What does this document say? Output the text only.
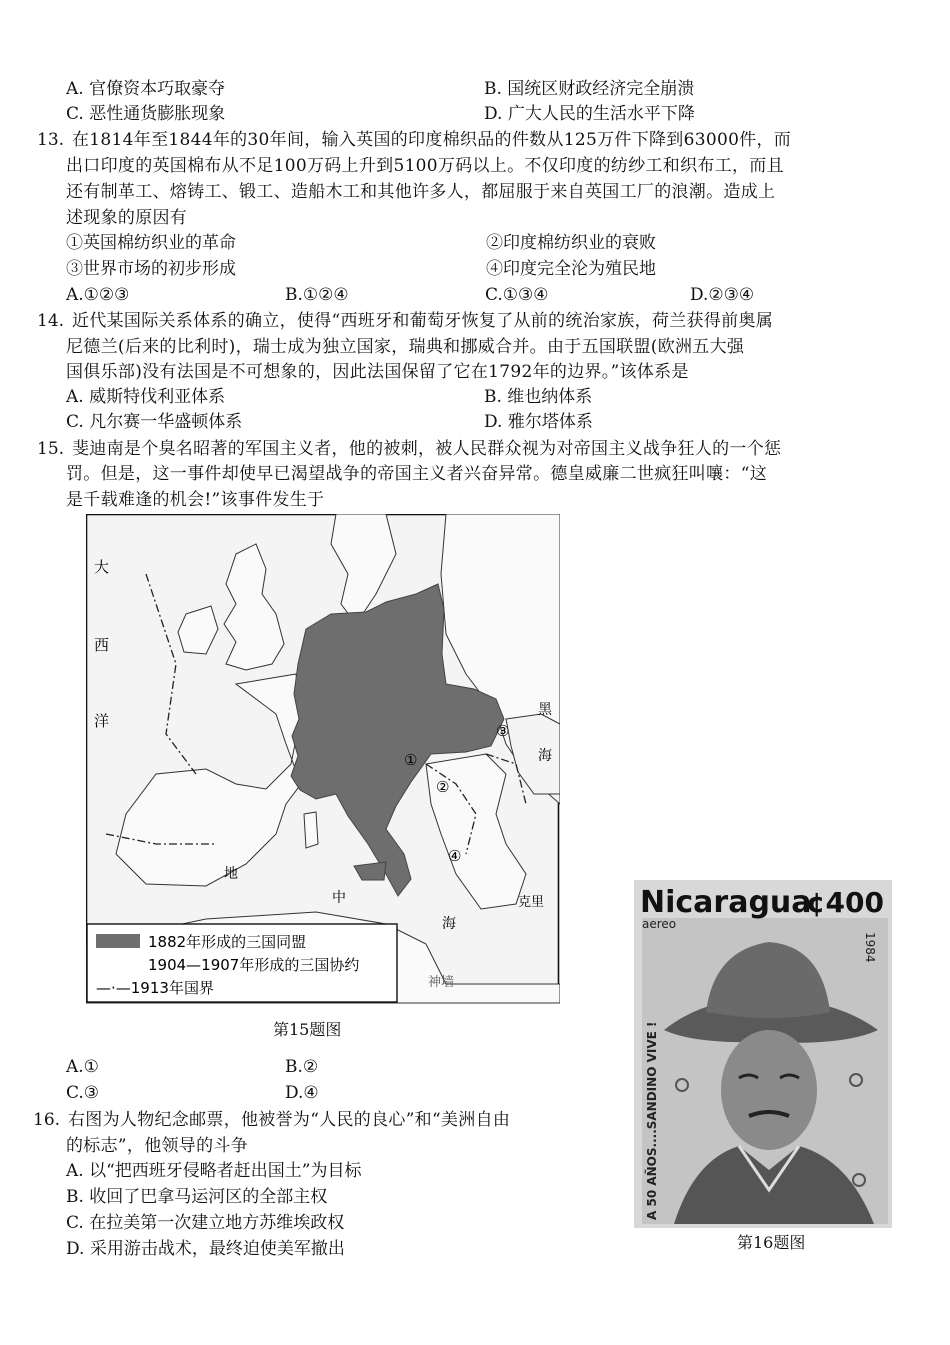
A. 官僚资本巧取豪夺	B. 国统区财政经济完全崩溃
C. 恶性通货膨胀现象	D. 广大人民的生活水平下降
13. 在1814年至1844年的30年间，输入英国的印度棉织品的件数从125万件下降到63000件，而
出口印度的英国棉布从不足100万码上升到5100万码以上。不仅印度的纺纱工和织布工，而且
还有制革工、熔铸工、锻工、造船木工和其他许多人，都屈服于来自英国工厂的浪潮。造成上
述现象的原因有
①英国棉纺织业的革命	②印度棉纺织业的衰败
③世界市场的初步形成	④印度完全沦为殖民地
A.①②③	B.①②④	C.①③④	D.②③④
14. 近代某国际关系体系的确立，使得“西班牙和葡萄牙恢复了从前的统治家族，荷兰获得前奥属
尼德兰(后来的比利时)，瑞士成为独立国家，瑞典和挪威合并。由于五国联盟(欧洲五大强
国俱乐部)没有法国是不可想象的，因此法国保留了它在1792年的边界。”该体系是
A. 威斯特伐利亚体系	B. 维也纳体系
C. 凡尔赛一华盛顿体系	D. 雅尔塔体系
15. 斐迪南是个臭名昭著的军国主义者，他的被刺，被人民群众视为对帝国主义战争狂人的一个惩
罚。但是，这一事件却使早已渴望战争的帝国主义者兴奋异常。德皇威廉二世疯狂叫嚷：“这
是千载难逢的机会!”该事件发生于
大
西
洋
黑
海
地
中
海
克里
神墙
①
②
③
④
1882年形成的三国同盟
1904—1907年形成的三国协约
—·—1913年国界
第15题图
A.①	B.②
C.③	D.④
16. 右图为人物纪念邮票，他被誉为“人民的良心”和“美洲自由
的标志”，他领导的斗争
A. 以“把西班牙侵略者赶出国土”为目标
B. 收回了巴拿马运河区的全部主权
C. 在拉美第一次建立地方苏维埃政权
D. 采用游击战术，最终迫使美军撤出
Nicaragua
¢400
aereo
1984
A 50 AÑOS....SANDINO VIVE !
第16题图
